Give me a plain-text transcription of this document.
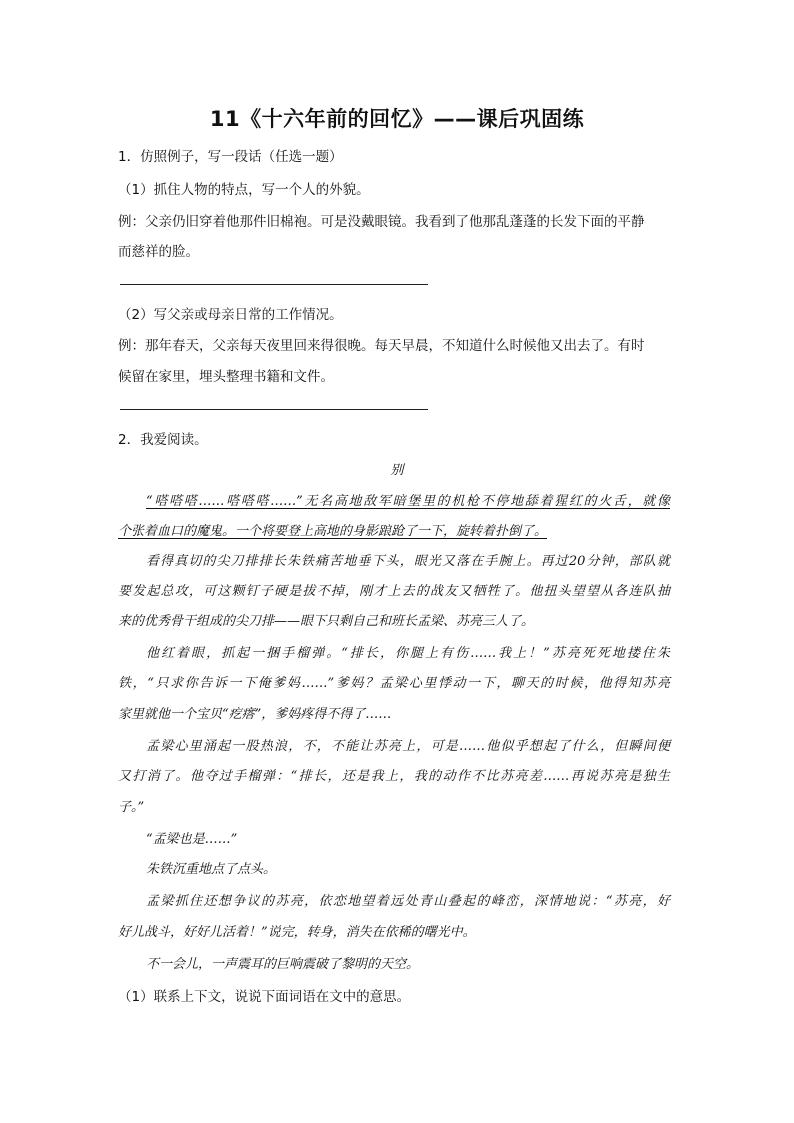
11《十六年前的回忆》——课后巩固练
1．仿照例子，写一段话（任选一题）
（1）抓住人物的特点，写一个人的外貌。
例：父亲仍旧穿着他那件旧棉袍。可是没戴眼镜。我看到了他那乱蓬蓬的长发下面的平静
而慈祥的脸。
（2）写父亲或母亲日常的工作情况。
例：那年春天，父亲每天夜里回来得很晚。每天早晨，不知道什么时候他又出去了。有时
候留在家里，埋头整理书籍和文件。
2．我爱阅读。
别
“嗒嗒嗒……嗒嗒嗒……”无名高地敌军暗堡里的机枪不停地舔着猩红的火舌，就像
个张着血口的魔鬼。一个将要登上高地的身影踉跄了一下，旋转着扑倒了。
看得真切的尖刀排排长朱铁痛苦地垂下头，眼光又落在手腕上。再过20分钟，部队就
要发起总攻，可这颗钉子硬是拔不掉，刚才上去的战友又牺牲了。他扭头望望从各连队抽
来的优秀骨干组成的尖刀排——眼下只剩自己和班长孟梁、苏亮三人了。
他红着眼，抓起一捆手榴弹。“排长，你腿上有伤……我上！”苏亮死死地搂住朱
铁，“只求你告诉一下俺爹妈……”爹妈？孟梁心里悸动一下，聊天的时候，他得知苏亮
家里就他一个宝贝“疙瘩”，爹妈疼得不得了……
孟梁心里涌起一股热浪，不，不能让苏亮上，可是……他似乎想起了什么，但瞬间便
又打消了。他夺过手榴弹：“排长，还是我上，我的动作不比苏亮差……再说苏亮是独生
子。”
“孟梁也是……”
朱铁沉重地点了点头。
孟梁抓住还想争议的苏亮，依恋地望着远处青山叠起的峰峦，深情地说：“苏亮，好
好儿战斗，好好儿活着！”说完，转身，消失在依稀的曙光中。
不一会儿，一声震耳的巨响震破了黎明的天空。
（1）联系上下文，说说下面词语在文中的意思。
